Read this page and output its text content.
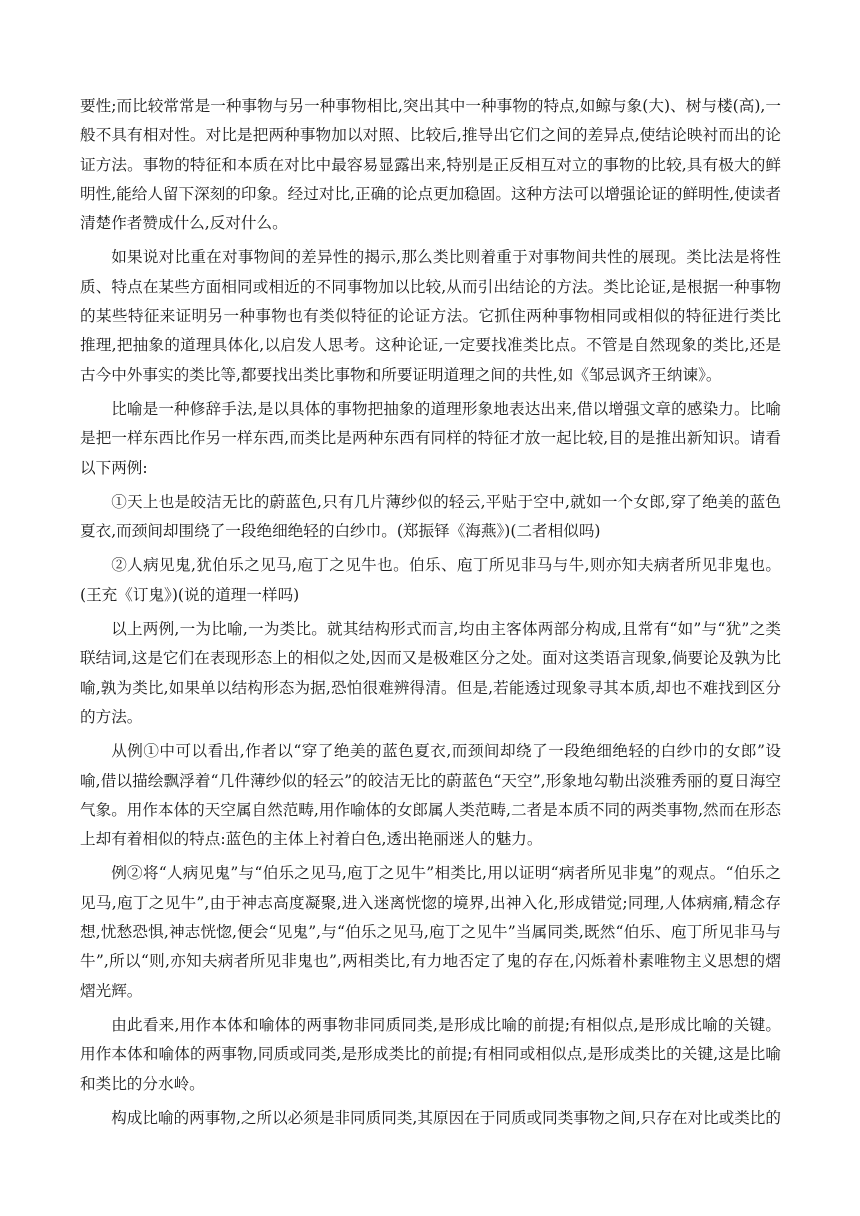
要性;而比较常常是一种事物与另一种事物相比,突出其中一种事物的特点,如鲸与象(大)、树与楼(高),一般不具有相对性。对比是把两种事物加以对照、比较后,推导出它们之间的差异点,使结论映衬而出的论证方法。事物的特征和本质在对比中最容易显露出来,特别是正反相互对立的事物的比较,具有极大的鲜明性,能给人留下深刻的印象。经过对比,正确的论点更加稳固。这种方法可以增强论证的鲜明性,使读者清楚作者赞成什么,反对什么。

如果说对比重在对事物间的差异性的揭示,那么类比则着重于对事物间共性的展现。类比法是将性质、特点在某些方面相同或相近的不同事物加以比较,从而引出结论的方法。类比论证,是根据一种事物的某些特征来证明另一种事物也有类似特征的论证方法。它抓住两种事物相同或相似的特征进行类比推理,把抽象的道理具体化,以启发人思考。这种论证,一定要找准类比点。不管是自然现象的类比,还是古今中外事实的类比等,都要找出类比事物和所要证明道理之间的共性,如《邹忌讽齐王纳谏》。

比喻是一种修辞手法,是以具体的事物把抽象的道理形象地表达出来,借以增强文章的感染力。比喻是把一样东西比作另一样东西,而类比是两种东西有同样的特征才放一起比较,目的是推出新知识。请看以下两例:

①天上也是皎洁无比的蔚蓝色,只有几片薄纱似的轻云,平贴于空中,就如一个女郎,穿了绝美的蓝色夏衣,而颈间却围绕了一段绝细绝轻的白纱巾。(郑振铎《海燕》)(二者相似吗)

②人病见鬼,犹伯乐之见马,庖丁之见牛也。伯乐、庖丁所见非马与牛,则亦知夫病者所见非鬼也。(王充《订鬼》)(说的道理一样吗)

以上两例,一为比喻,一为类比。就其结构形式而言,均由主客体两部分构成,且常有“如”与“犹”之类联结词,这是它们在表现形态上的相似之处,因而又是极难区分之处。面对这类语言现象,倘要论及孰为比喻,孰为类比,如果单以结构形态为据,恐怕很难辨得清。但是,若能透过现象寻其本质,却也不难找到区分的方法。

从例①中可以看出,作者以“穿了绝美的蓝色夏衣,而颈间却绕了一段绝细绝轻的白纱巾的女郎”设喻,借以描绘飘浮着“几件薄纱似的轻云”的皎洁无比的蔚蓝色“天空”,形象地勾勒出淡雅秀丽的夏日海空气象。用作本体的天空属自然范畴,用作喻体的女郎属人类范畴,二者是本质不同的两类事物,然而在形态上却有着相似的特点:蓝色的主体上衬着白色,透出艳丽迷人的魅力。

例②将“人病见鬼”与“伯乐之见马,庖丁之见牛”相类比,用以证明“病者所见非鬼”的观点。“伯乐之见马,庖丁之见牛”,由于神志高度凝聚,进入迷离恍惚的境界,出神入化,形成错觉;同理,人体病痛,精念存想,忧愁恐惧,神志恍惚,便会“见鬼”,与“伯乐之见马,庖丁之见牛”当属同类,既然“伯乐、庖丁所见非马与牛”,所以“则,亦知夫病者所见非鬼也”,两相类比,有力地否定了鬼的存在,闪烁着朴素唯物主义思想的熠熠光辉。

由此看来,用作本体和喻体的两事物非同质同类,是形成比喻的前提;有相似点,是形成比喻的关键。用作本体和喻体的两事物,同质或同类,是形成类比的前提;有相同或相似点,是形成类比的关键,这是比喻和类比的分水岭。

构成比喻的两事物,之所以必须是非同质同类,其原因在于同质或同类事物之间,只存在对比或类比的
